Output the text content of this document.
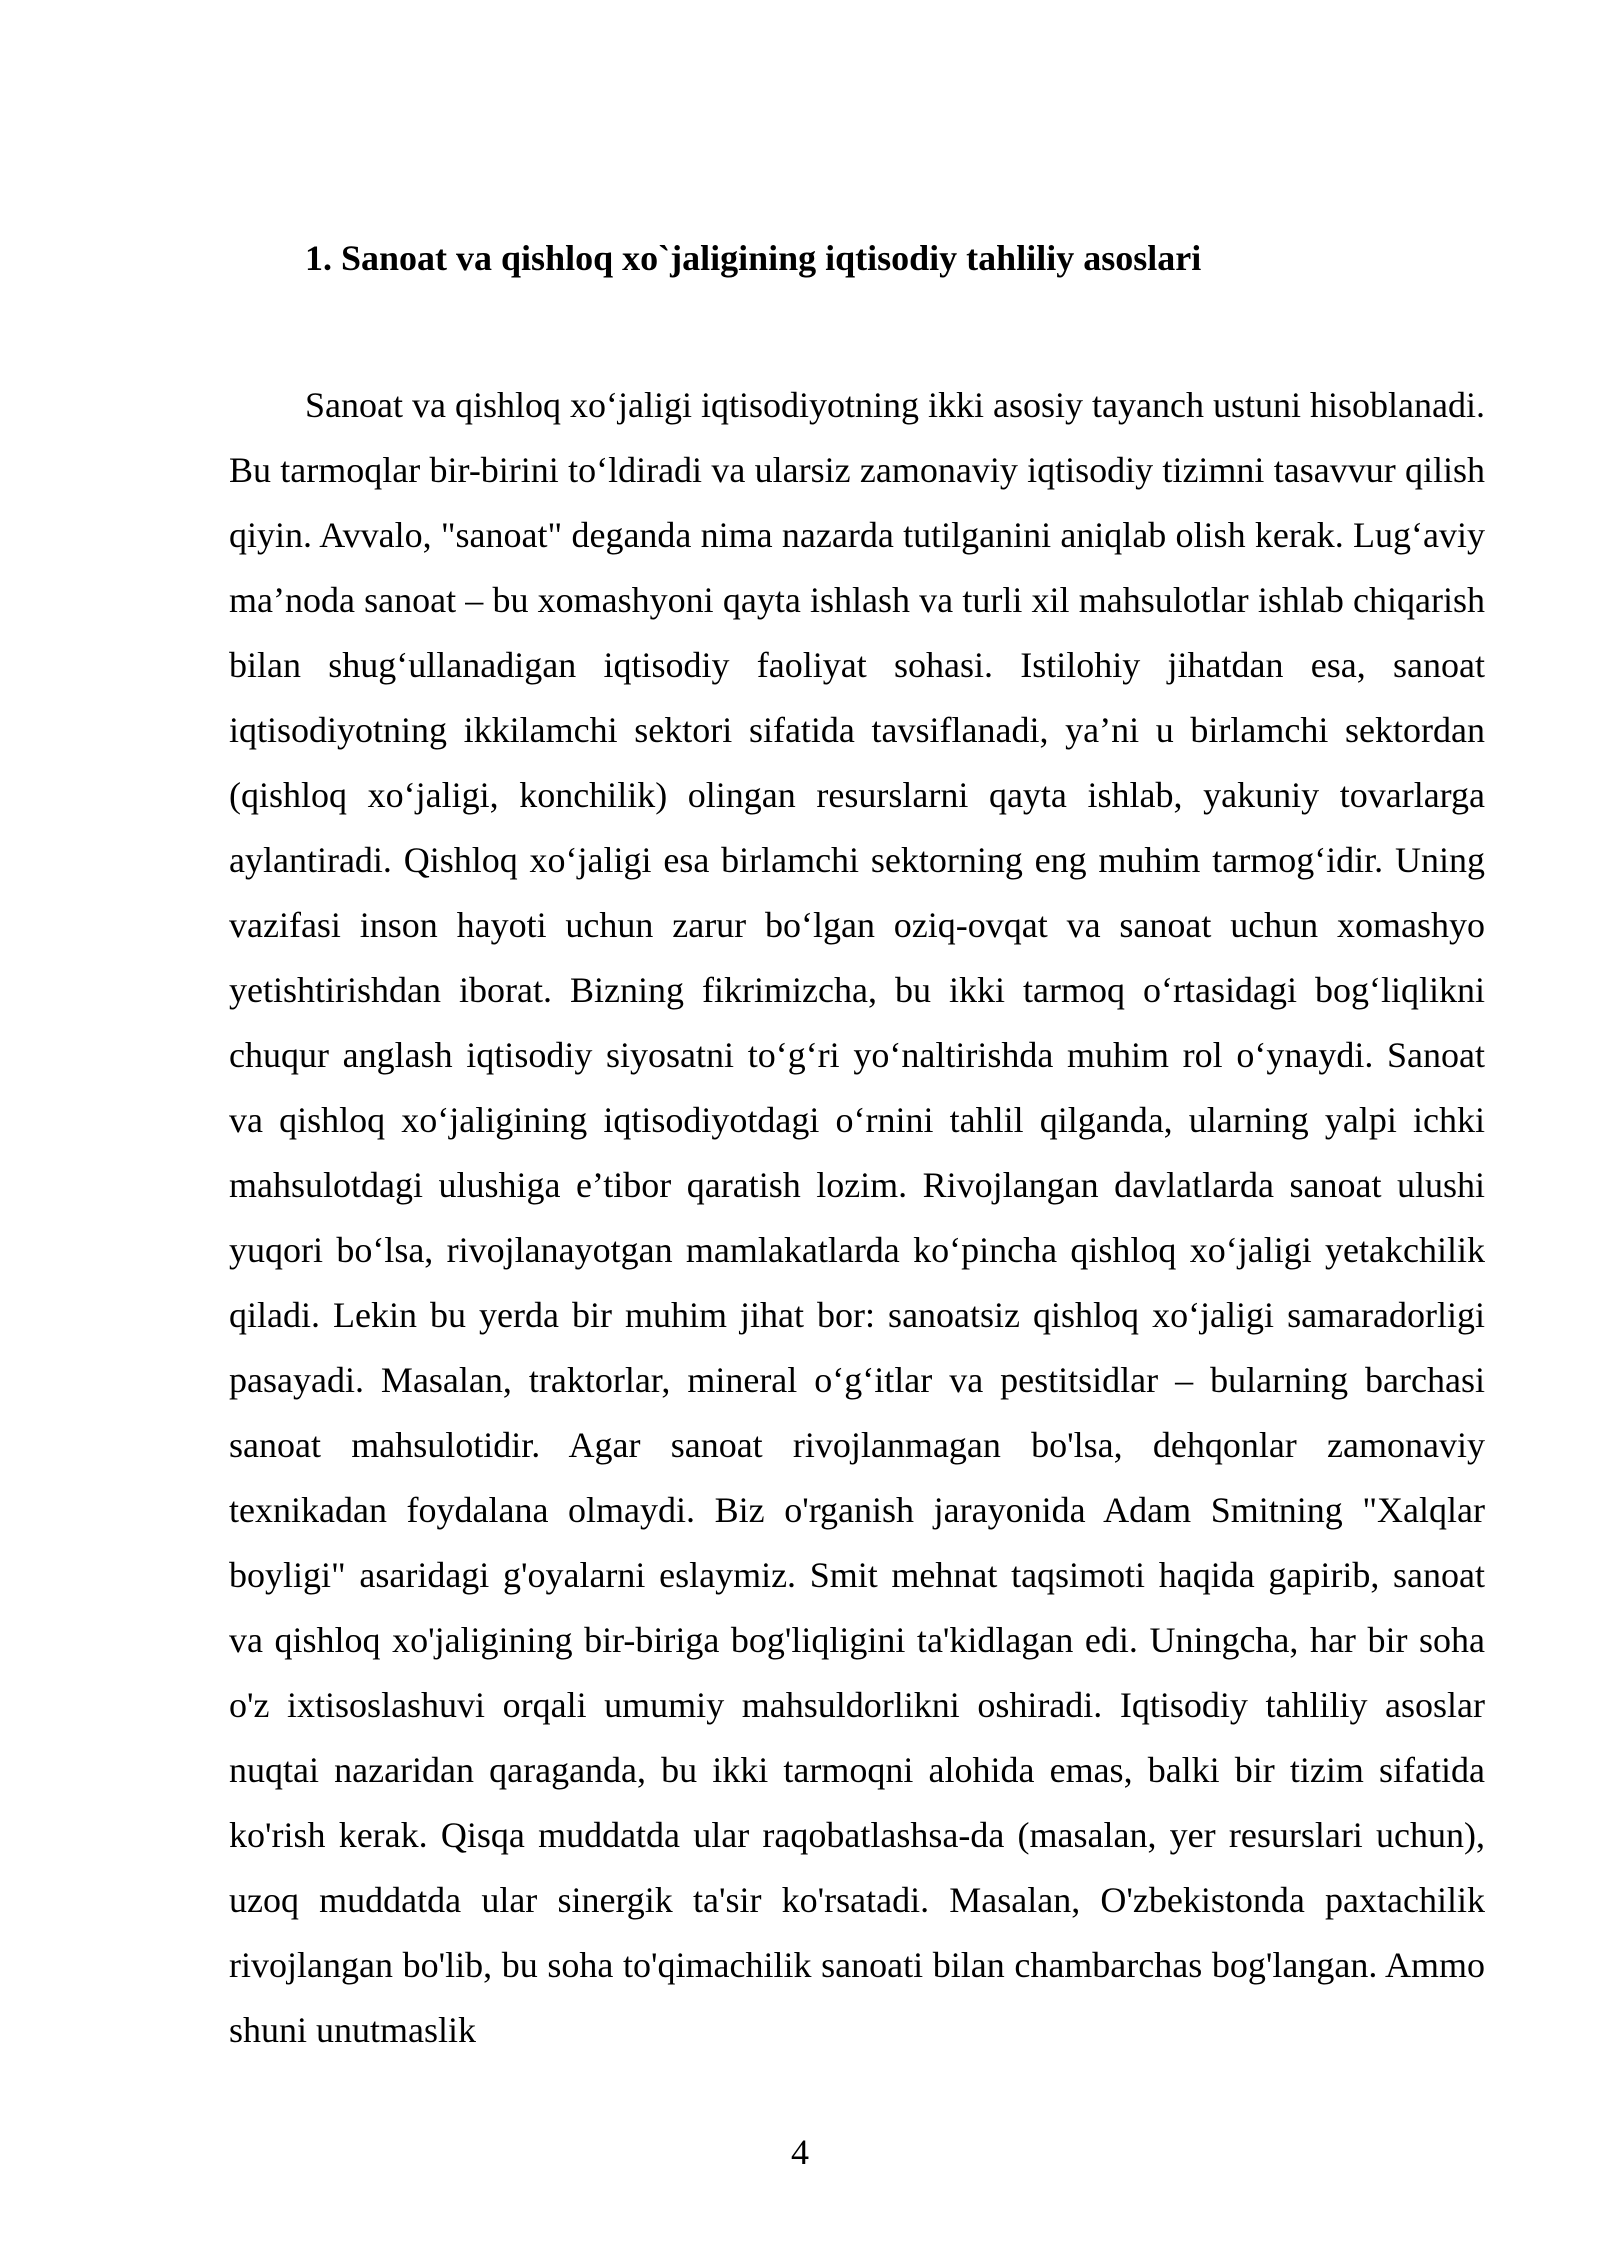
1. Sanoat va qishloq xo`jaligining iqtisodiy tahliliy asoslari

Sanoat va qishloq xo‘jaligi iqtisodiyotning ikki asosiy tayanch ustuni hisoblanadi. Bu tarmoqlar bir-birini to‘ldiradi va ularsiz zamonaviy iqtisodiy tizimni tasavvur qilish qiyin. Avvalo, "sanoat" deganda nima nazarda tutilganini aniqlab olish kerak. Lug‘aviy ma’noda sanoat – bu xomashyoni qayta ishlash va turli xil mahsulotlar ishlab chiqarish bilan shug‘ullanadigan iqtisodiy faoliyat sohasi. Istilohiy jihatdan esa, sanoat iqtisodiyotning ikkilamchi sektori sifatida tavsiflanadi, ya’ni u birlamchi sektordan (qishloq xo‘jaligi, konchilik) olingan resurslarni qayta ishlab, yakuniy tovarlarga aylantiradi. Qishloq xo‘jaligi esa birlamchi sektorning eng muhim tarmog‘idir. Uning vazifasi inson hayoti uchun zarur bo‘lgan oziq-ovqat va sanoat uchun xomashyo yetishtirishdan iborat. Bizning fikrimizcha, bu ikki tarmoq o‘rtasidagi bog‘liqlikni chuqur anglash iqtisodiy siyosatni to‘g‘ri yo‘naltirishda muhim rol o‘ynaydi. Sanoat va qishloq xo‘jaligining iqtisodiyotdagi o‘rnini tahlil qilganda, ularning yalpi ichki mahsulotdagi ulushiga e’tibor qaratish lozim. Rivojlangan davlatlarda sanoat ulushi yuqori bo‘lsa, rivojlanayotgan mamlakatlarda ko‘pincha qishloq xo‘jaligi yetakchilik qiladi. Lekin bu yerda bir muhim jihat bor: sanoatsiz qishloq xo‘jaligi samaradorligi pasayadi. Masalan, traktorlar, mineral o‘g‘itlar va pestitsidlar – bularning barchasi sanoat mahsulotidir. Agar sanoat rivojlanmagan bo'lsa, dehqonlar zamonaviy texnikadan foydalana olmaydi. Biz o'rganish jarayonida Adam Smitning "Xalqlar boyligi" asaridagi g'oyalarni eslaymiz. Smit mehnat taqsimoti haqida gapirib, sanoat va qishloq xo'jaligining bir-biriga bog'liqligini ta'kidlagan edi. Uningcha, har bir soha o'z ixtisoslashuvi orqali umumiy mahsuldorlikni oshiradi. Iqtisodiy tahliliy asoslar nuqtai nazaridan qaraganda, bu ikki tarmoqni alohida emas, balki bir tizim sifatida ko'rish kerak. Qisqa muddatda ular raqobatlashsa-da (masalan, yer resurslari uchun), uzoq muddatda ular sinergik ta'sir ko'rsatadi. Masalan, O'zbekistonda paxtachilik rivojlangan bo'lib, bu soha to'qimachilik sanoati bilan chambarchas bog'langan. Ammo shuni unutmaslik

4
